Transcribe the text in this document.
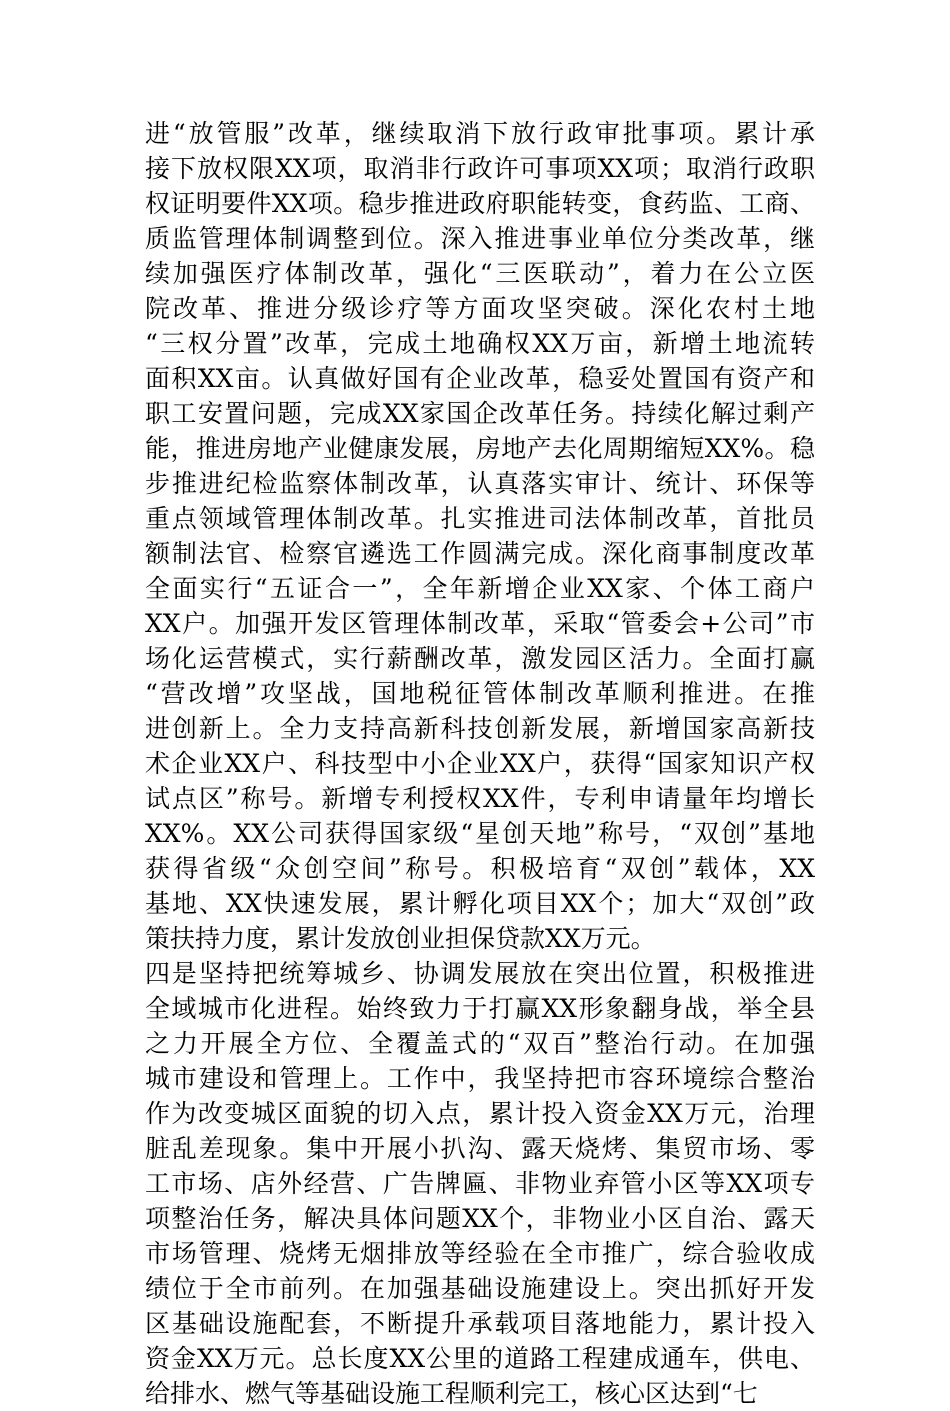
进“放管服”改革，继续取消下放行政审批事项。累计承
接下放权限XX项，取消非行政许可事项XX项；取消行政职
权证明要件XX项。稳步推进政府职能转变，食药监、工商、
质监管理体制调整到位。深入推进事业单位分类改革，继
续加强医疗体制改革，强化“三医联动”，着力在公立医
院改革、推进分级诊疗等方面攻坚突破。深化农村土地
“三权分置”改革，完成土地确权XX万亩，新增土地流转
面积XX亩。认真做好国有企业改革，稳妥处置国有资产和
职工安置问题，完成XX家国企改革任务。持续化解过剩产
能，推进房地产业健康发展，房地产去化周期缩短XX%。稳
步推进纪检监察体制改革，认真落实审计、统计、环保等
重点领域管理体制改革。扎实推进司法体制改革，首批员
额制法官、检察官遴选工作圆满完成。深化商事制度改革
全面实行“五证合一”，全年新增企业XX家、个体工商户
XX户。加强开发区管理体制改革，采取“管委会+公司”市
场化运营模式，实行薪酬改革，激发园区活力。全面打赢
“营改增”攻坚战，国地税征管体制改革顺利推进。在推
进创新上。全力支持高新科技创新发展，新增国家高新技
术企业XX户、科技型中小企业XX户，获得“国家知识产权
试点区”称号。新增专利授权XX件，专利申请量年均增长
XX%。XX公司获得国家级“星创天地”称号，“双创”基地
获得省级“众创空间”称号。积极培育“双创”载体，XX
基地、XX快速发展，累计孵化项目XX个；加大“双创”政
策扶持力度，累计发放创业担保贷款XX万元。
四是坚持把统筹城乡、协调发展放在突出位置，积极推进
全域城市化进程。始终致力于打赢XX形象翻身战，举全县
之力开展全方位、全覆盖式的“双百”整治行动。在加强
城市建设和管理上。工作中，我坚持把市容环境综合整治
作为改变城区面貌的切入点，累计投入资金XX万元，治理
脏乱差现象。集中开展小扒沟、露天烧烤、集贸市场、零
工市场、店外经营、广告牌匾、非物业弃管小区等XX项专
项整治任务，解决具体问题XX个，非物业小区自治、露天
市场管理、烧烤无烟排放等经验在全市推广，综合验收成
绩位于全市前列。在加强基础设施建设上。突出抓好开发
区基础设施配套，不断提升承载项目落地能力，累计投入
资金XX万元。总长度XX公里的道路工程建成通车，供电、
给排水、燃气等基础设施工程顺利完工，核心区达到“七
